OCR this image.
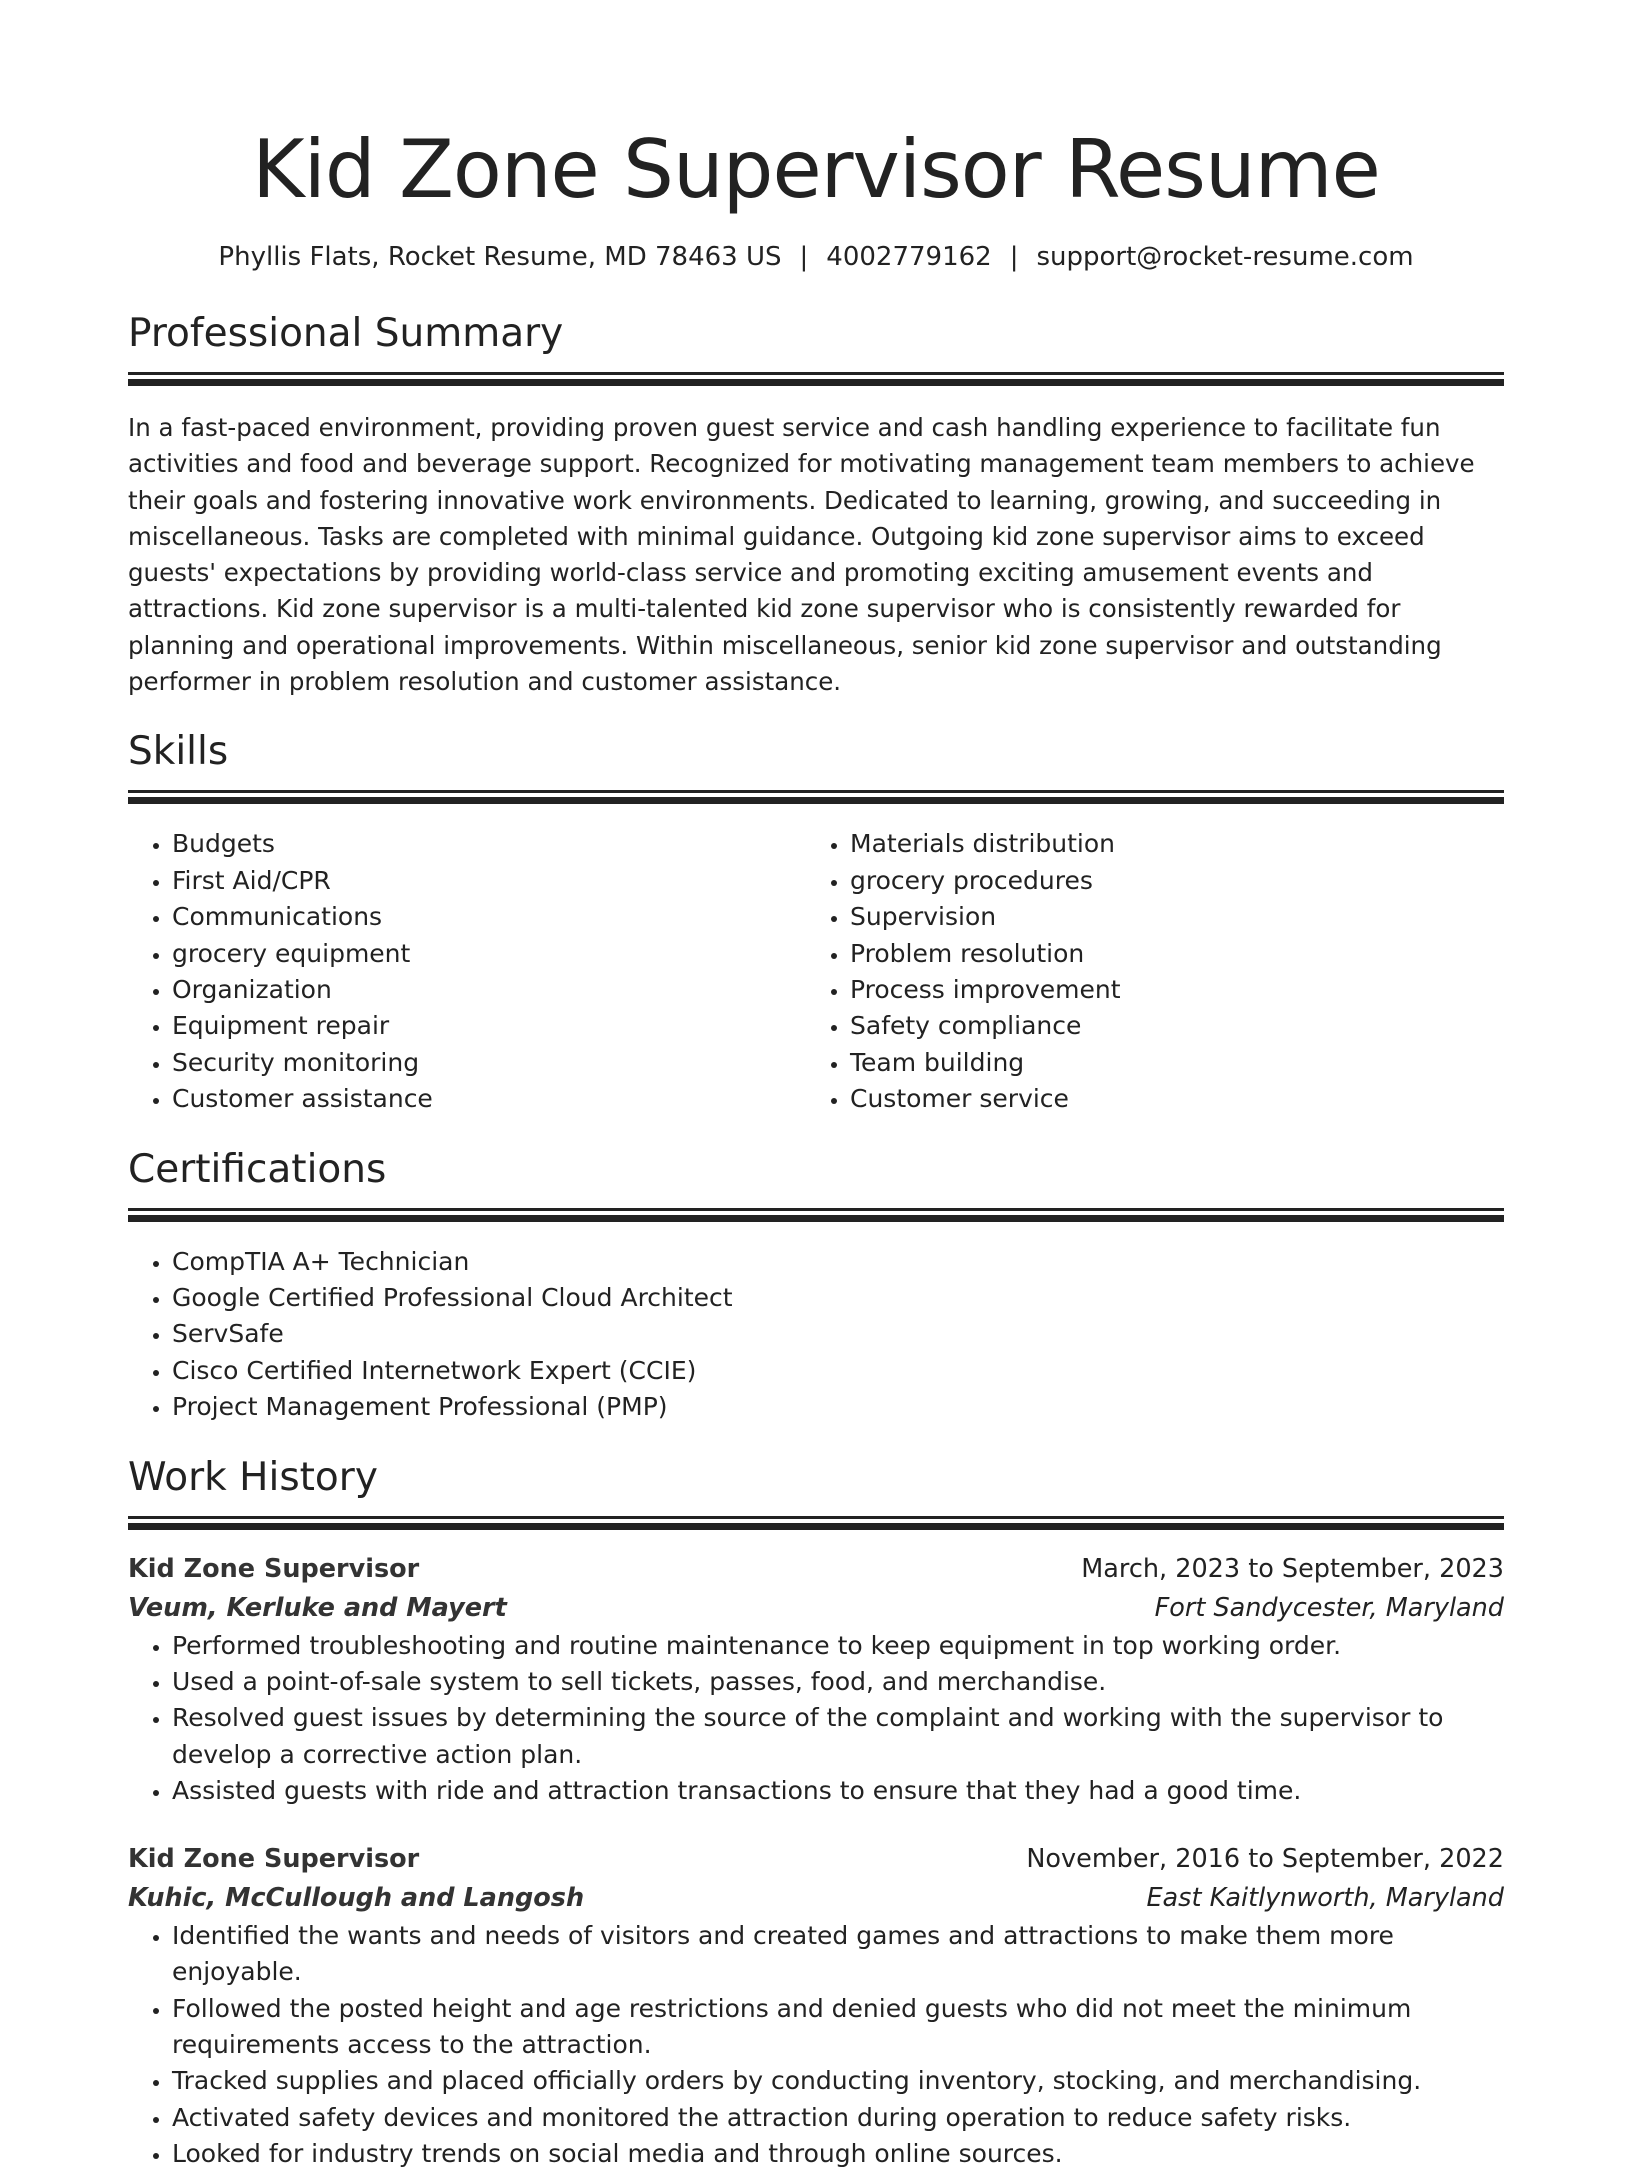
Kid Zone Supervisor Resume
Phyllis Flats, Rocket Resume, MD 78463 US | 4002779162 | support@rocket-resume.com
Professional Summary
In a fast-paced environment, providing proven guest service and cash handling experience to facilitate fun activities and food and beverage support. Recognized for motivating management team members to achieve their goals and fostering innovative work environments. Dedicated to learning, growing, and succeeding in miscellaneous. Tasks are completed with minimal guidance. Outgoing kid zone supervisor aims to exceed guests' expectations by providing world-class service and promoting exciting amusement events and attractions. Kid zone supervisor is a multi-talented kid zone supervisor who is consistently rewarded for planning and operational improvements. Within miscellaneous, senior kid zone supervisor and outstanding performer in problem resolution and customer assistance.
Skills
• Budgets
• First Aid/CPR
• Communications
• grocery equipment
• Organization
• Equipment repair
• Security monitoring
• Customer assistance
• Materials distribution
• grocery procedures
• Supervision
• Problem resolution
• Process improvement
• Safety compliance
• Team building
• Customer service
Certifications
• CompTIA A+ Technician
• Google Certified Professional Cloud Architect
• ServSafe
• Cisco Certified Internetwork Expert (CCIE)
• Project Management Professional (PMP)
Work History
Kid Zone Supervisor	March, 2023 to September, 2023
Veum, Kerluke and Mayert	Fort Sandycester, Maryland
• Performed troubleshooting and routine maintenance to keep equipment in top working order.
• Used a point-of-sale system to sell tickets, passes, food, and merchandise.
• Resolved guest issues by determining the source of the complaint and working with the supervisor to develop a corrective action plan.
• Assisted guests with ride and attraction transactions to ensure that they had a good time.
Kid Zone Supervisor	November, 2016 to September, 2022
Kuhic, McCullough and Langosh	East Kaitlynworth, Maryland
• Identified the wants and needs of visitors and created games and attractions to make them more enjoyable.
• Followed the posted height and age restrictions and denied guests who did not meet the minimum requirements access to the attraction.
• Tracked supplies and placed officially orders by conducting inventory, stocking, and merchandising.
• Activated safety devices and monitored the attraction during operation to reduce safety risks.
• Looked for industry trends on social media and through online sources.
